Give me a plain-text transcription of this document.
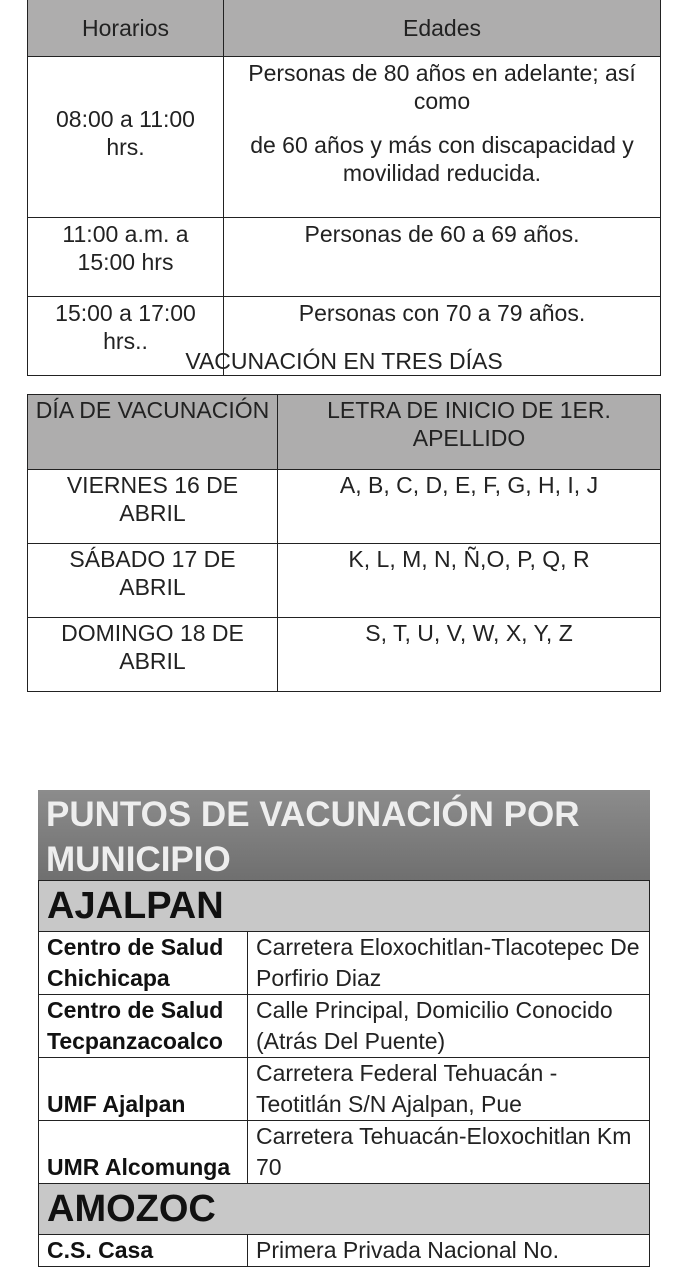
Horarios	Edades
08:00 a 11:00 hrs.	Personas de 80 años en adelante; así como

de 60 años y más con discapacidad y movilidad reducida.

11:00 a.m. a 15:00 hrs	Personas de 60 a 69 años.
15:00 a 17:00 hrs..	Personas con 70 a 79 años.
VACUNACIÓN EN TRES DÍAS
DÍA DE VACUNACIÓN	LETRA DE INICIO DE 1ER. APELLIDO
VIERNES 16 DE ABRIL	A, B, C, D, E, F, G, H, I, J
SÁBADO 17 DE ABRIL	K, L, M, N, Ñ,O, P, Q, R
DOMINGO 18 DE ABRIL	S, T, U, V, W, X, Y, Z
PUNTOS DE VACUNACIÓN POR MUNICIPIO
AJALPAN	
Centro de Salud Chichicapa	Carretera Eloxochitlan-Tlacotepec De Porfirio Diaz
Centro de Salud Tecpanzacoalco	Calle Principal, Domicilio Conocido (Atrás Del Puente)
UMF Ajalpan	Carretera Federal Tehuacán - Teotitlán S/N Ajalpan, Pue
UMR Alcomunga	Carretera Tehuacán-Eloxochitlan Km 70
AMOZOC	
C.S. Casa	Primera Privada Nacional No.
